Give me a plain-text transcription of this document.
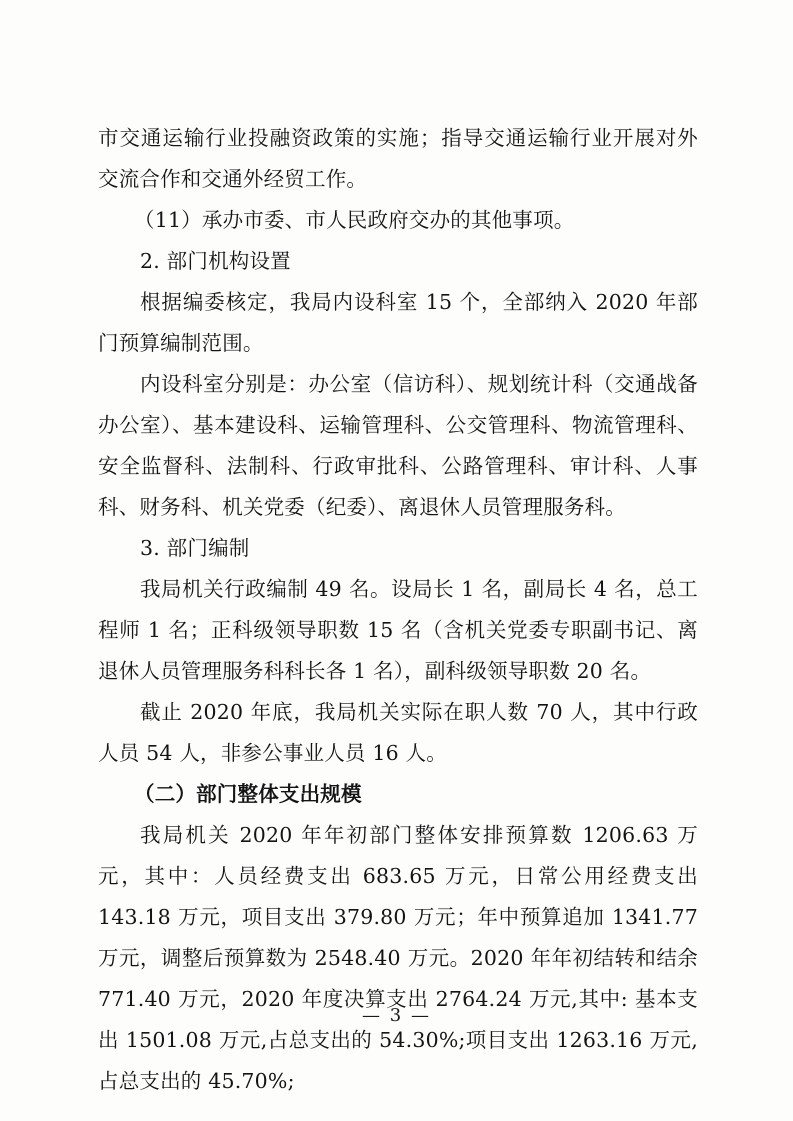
市交通运输行业投融资政策的实施；指导交通运输行业开展对外交流合作和交通外经贸工作。

（11）承办市委、市人民政府交办的其他事项。

2. 部门机构设置

根据编委核定，我局内设科室 15 个，全部纳入 2020 年部门预算编制范围。

内设科室分别是：办公室（信访科）、规划统计科（交通战备办公室）、基本建设科、运输管理科、公交管理科、物流管理科、安全监督科、法制科、行政审批科、公路管理科、审计科、人事科、财务科、机关党委（纪委）、离退休人员管理服务科。

3. 部门编制

我局机关行政编制 49 名。设局长 1 名，副局长 4 名，总工程师 1 名；正科级领导职数 15 名（含机关党委专职副书记、离退休人员管理服务科科长各 1 名），副科级领导职数 20 名。

截止 2020 年底，我局机关实际在职人数 70 人，其中行政人员 54 人，非参公事业人员 16 人。

（二）部门整体支出规模

我局机关 2020 年年初部门整体安排预算数 1206.63 万元，其中：人员经费支出 683.65 万元，日常公用经费支出 143.18 万元，项目支出 379.80 万元；年中预算追加 1341.77 万元，调整后预算数为 2548.40 万元。2020 年年初结转和结余 771.40 万元，2020 年度决算支出 2764.24 万元,其中: 基本支出 1501.08 万元,占总支出的 54.30%;项目支出 1263.16 万元,占总支出的 45.70%;

— 3 —
